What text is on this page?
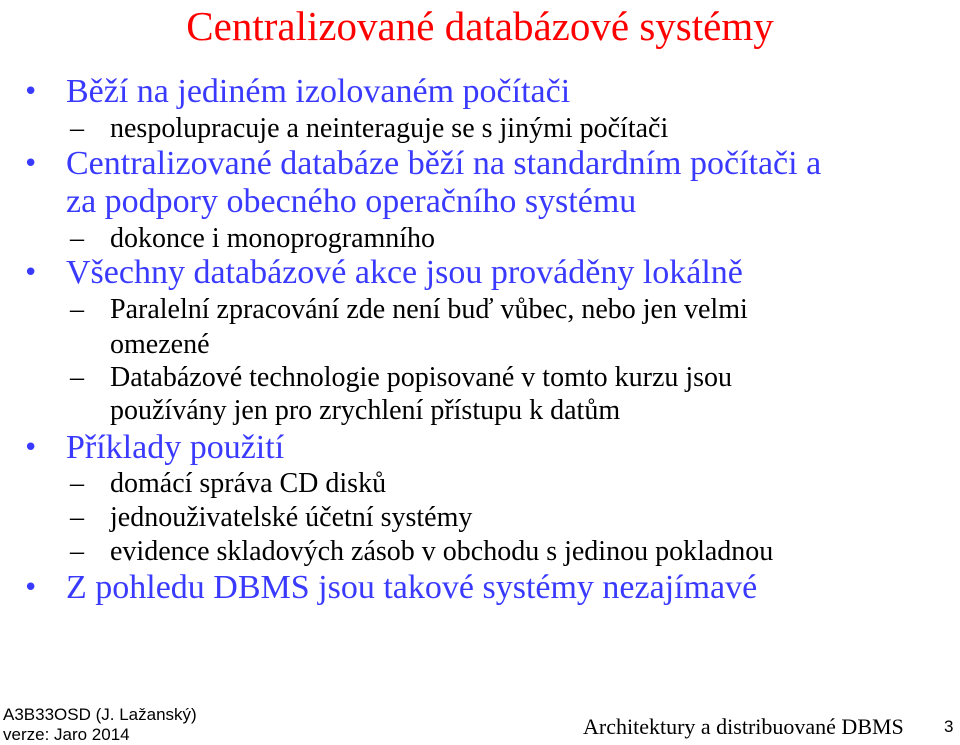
Centralizované databázové systémy
• Běží na jediném izolovaném počítači
– nespolupracuje a neinteraguje se s jinými počítači
• Centralizované databáze běží na standardním počítači a
za podpory obecného operačního systému
– dokonce i monoprogramního
• Všechny databázové akce jsou prováděny lokálně
– Paralelní zpracování zde není buď vůbec, nebo jen velmi
omezené
– Databázové technologie popisované v tomto kurzu jsou
používány jen pro zrychlení přístupu k datům
• Příklady použití
– domácí správa CD disků
– jednouživatelské účetní systémy
– evidence skladových zásob v obchodu s jedinou pokladnou
• Z pohledu DBMS jsou takové systémy nezajímavé
A3B33OSD (J. Lažanský)
verze: Jaro 2014	Architektury a distribuované DBMS 3
